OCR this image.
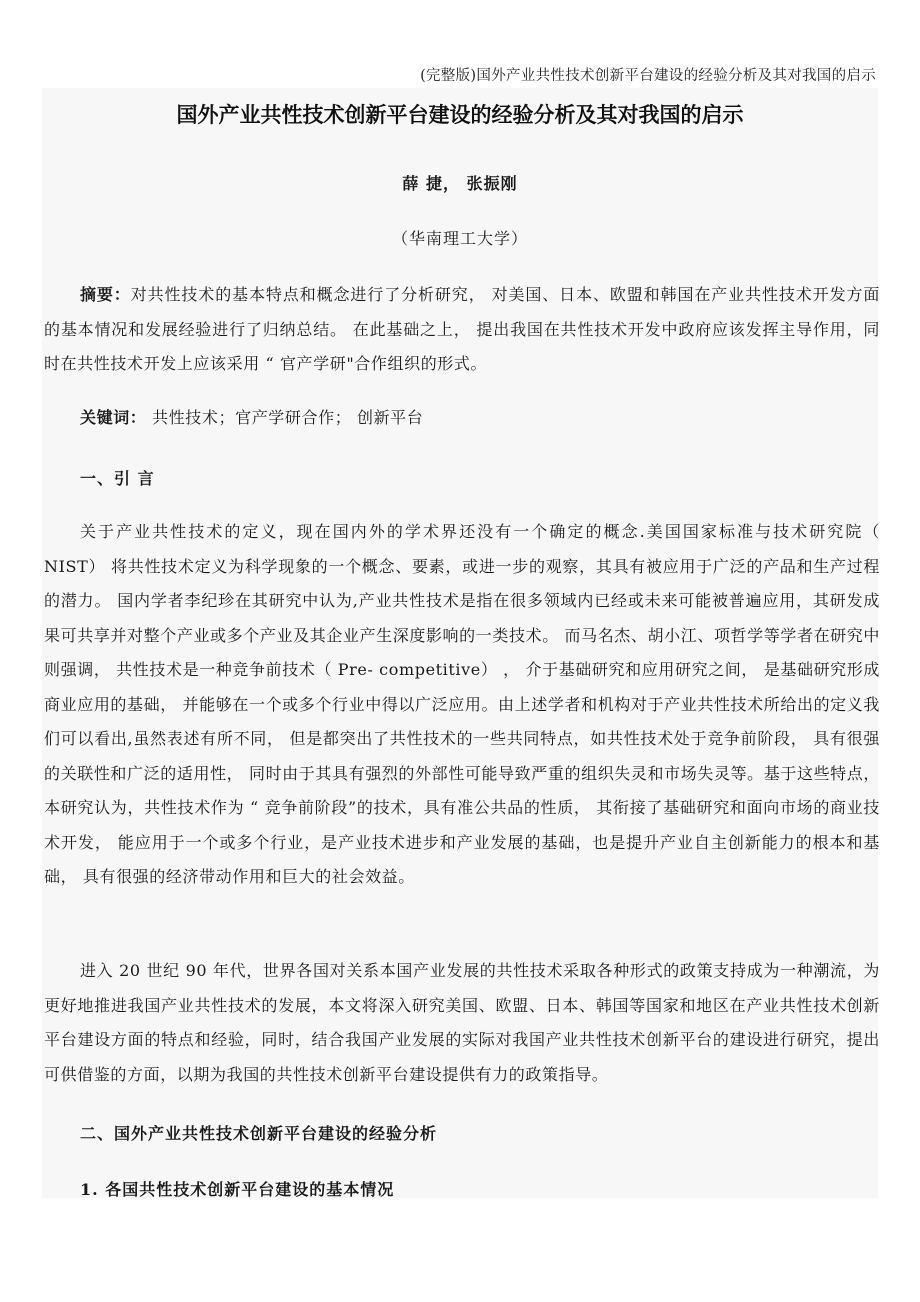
(完整版)国外产业共性技术创新平台建设的经验分析及其对我国的启示
国外产业共性技术创新平台建设的经验分析及其对我国的启示
薛 捷， 张振刚
（华南理工大学）

摘要：对共性技术的基本特点和概念进行了分析研究， 对美国、日本、欧盟和韩国在产业共性技术开发方面的基本情况和发展经验进行了归纳总结。 在此基础之上， 提出我国在共性技术开发中政府应该发挥主导作用，同时在共性技术开发上应该采用 “ 官产学研"合作组织的形式。

关键词： 共性技术；官产学研合作； 创新平台

一、引 言

关于产业共性技术的定义，现在国内外的学术界还没有一个确定的概念.美国国家标准与技术研究院（ NIST） 将共性技术定义为科学现象的一个概念、要素，或进一步的观察，其具有被应用于广泛的产品和生产过程的潜力。 国内学者李纪珍在其研究中认为,产业共性技术是指在很多领域内已经或未来可能被普遍应用，其研发成果可共享并对整个产业或多个产业及其企业产生深度影响的一类技术。 而马名杰、胡小江、项哲学等学者在研究中则强调， 共性技术是一种竞争前技术（ Pre- competitive） ， 介于基础研究和应用研究之间， 是基础研究形成商业应用的基础， 并能够在一个或多个行业中得以广泛应用。由上述学者和机构对于产业共性技术所给出的定义我们可以看出,虽然表述有所不同， 但是都突出了共性技术的一些共同特点，如共性技术处于竞争前阶段， 具有很强的关联性和广泛的适用性， 同时由于其具有强烈的外部性可能导致严重的组织失灵和市场失灵等。基于这些特点，本研究认为，共性技术作为 “ 竞争前阶段”的技术，具有准公共品的性质， 其衔接了基础研究和面向市场的商业技术开发， 能应用于一个或多个行业，是产业技术进步和产业发展的基础，也是提升产业自主创新能力的根本和基础， 具有很强的经济带动作用和巨大的社会效益。

进入 20 世纪 90 年代，世界各国对关系本国产业发展的共性技术采取各种形式的政策支持成为一种潮流，为更好地推进我国产业共性技术的发展，本文将深入研究美国、欧盟、日本、韩国等国家和地区在产业共性技术创新平台建设方面的特点和经验，同时，结合我国产业发展的实际对我国产业共性技术创新平台的建设进行研究，提出可供借鉴的方面，以期为我国的共性技术创新平台建设提供有力的政策指导。

二、国外产业共性技术创新平台建设的经验分析
1. 各国共性技术创新平台建设的基本情况
